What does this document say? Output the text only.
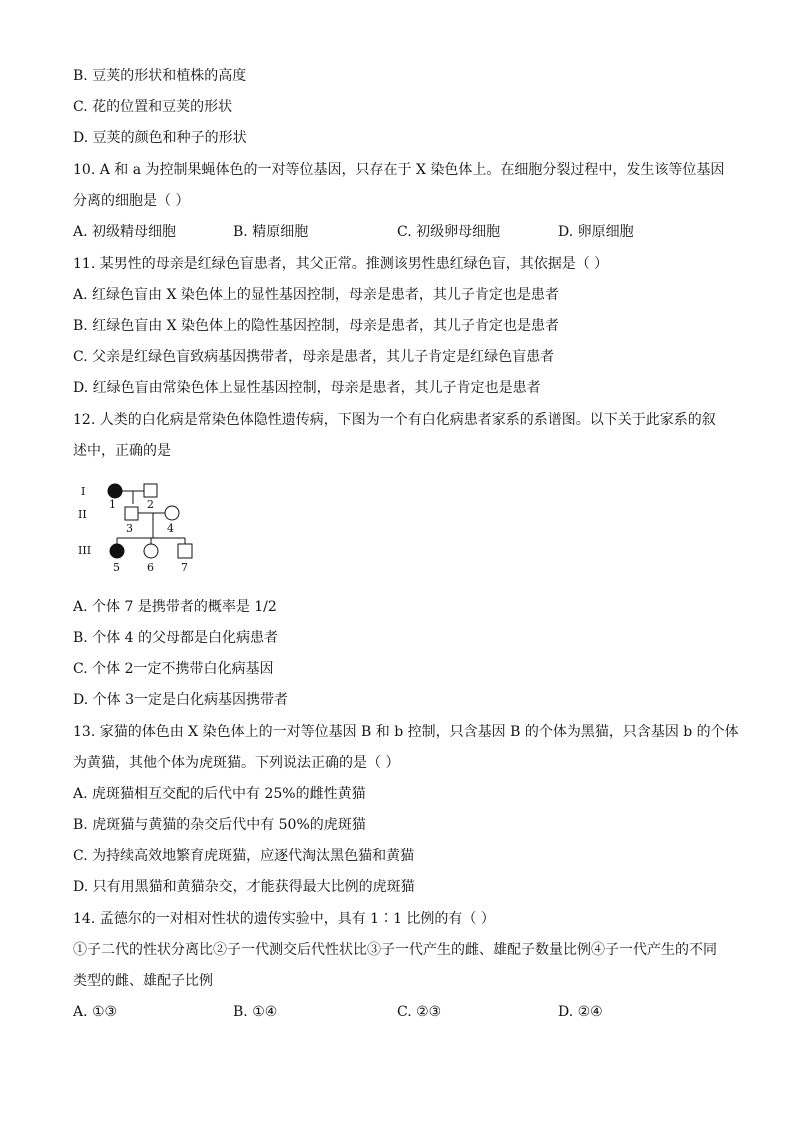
B. 豆荚的形状和植株的高度
C. 花的位置和豆荚的形状
D. 豆荚的颜色和种子的形状
10. A 和 a 为控制果蝇体色的一对等位基因，只存在于 X 染色体上。在细胞分裂过程中，发生该等位基因
分离的细胞是（ ）
A. 初级精母细胞	B. 精原细胞	C. 初级卵母细胞	D. 卵原细胞
11. 某男性的母亲是红绿色盲患者，其父正常。推测该男性患红绿色盲，其依据是（ ）
A. 红绿色盲由 X 染色体上的显性基因控制，母亲是患者，其儿子肯定也是患者
B. 红绿色盲由 X 染色体上的隐性基因控制，母亲是患者，其儿子肯定也是患者
C. 父亲是红绿色盲致病基因携带者，母亲是患者，其儿子肯定是红绿色盲患者
D. 红绿色盲由常染色体上显性基因控制，母亲是患者，其儿子肯定也是患者
12. 人类的白化病是常染色体隐性遗传病，下图为一个有白化病患者家系的系谱图。以下关于此家系的叙
述中，正确的是
I
II
III
1	2
3	4
5 6 7
A. 个体 7 是携带者的概率是 1/2
B. 个体 4 的父母都是白化病患者
C. 个体 2一定不携带白化病基因
D. 个体 3一定是白化病基因携带者
13. 家猫的体色由 X 染色体上的一对等位基因 B 和 b 控制，只含基因 B 的个体为黑猫，只含基因 b 的个体
为黄猫，其他个体为虎斑猫。下列说法正确的是（ ）
A. 虎斑猫相互交配的后代中有 25%的雌性黄猫
B. 虎斑猫与黄猫的杂交后代中有 50%的虎斑猫
C. 为持续高效地繁育虎斑猫，应逐代淘汰黑色猫和黄猫
D. 只有用黑猫和黄猫杂交，才能获得最大比例的虎斑猫
14. 孟德尔的一对相对性状的遗传实验中，具有 1∶1 比例的有（ ）
①子二代的性状分离比②子一代测交后代性状比③子一代产生的雌、雄配子数量比例④子一代产生的不同
类型的雌、雄配子比例
A. ①③	B. ①④	C. ②③	D. ②④
